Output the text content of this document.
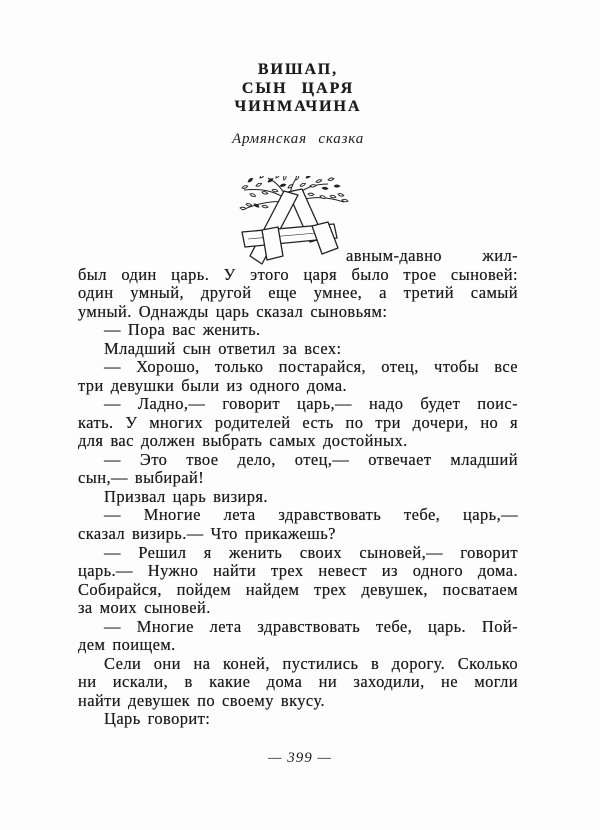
ВИШАП,
СЫН ЦАРЯ
ЧИНМАЧИНА
Армянская сказка
авным-давно жил-
был один царь. У этого царя было трое сыновей:
один умный, другой еще умнее, а третий самый
умный. Однажды царь сказал сыновьям:
— Пора вас женить.
Младший сын ответил за всех:
— Хорошо, только постарайся, отец, чтобы все
три девушки были из одного дома.
— Ладно,— говорит царь,— надо будет поис-
кать. У многих родителей есть по три дочери, но я
для вас должен выбрать самых достойных.
— Это твое дело, отец,— отвечает младший
сын,— выбирай!
Призвал царь визиря.
— Многие лета здравствовать тебе, царь,—
сказал визирь.— Что прикажешь?
— Решил я женить своих сыновей,— говорит
царь.— Нужно найти трех невест из одного дома.
Собирайся, пойдем найдем трех девушек, посватаем
за моих сыновей.
— Многие лета здравствовать тебе, царь. Пой-
дем поищем.
Сели они на коней, пустились в дорогу. Сколько
ни искали, в какие дома ни заходили, не могли
найти девушек по своему вкусу.
Царь говорит:
— 399 —
